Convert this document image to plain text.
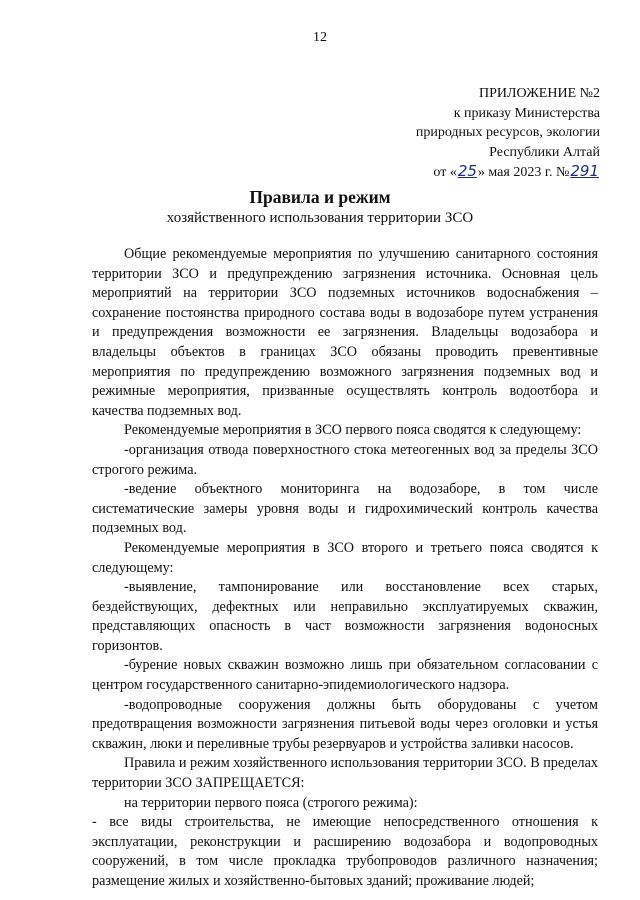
12
ПРИЛОЖЕНИЕ №2
к приказу Министерства
природных ресурсов, экологии
Республики Алтай
от «25» мая 2023 г. №291
Правила и режим
хозяйственного использования территории ЗСО

Общие рекомендуемые мероприятия по улучшению санитарного состояния территории ЗСО и предупреждению загрязнения источника. Основная цель мероприятий на территории ЗСО подземных источников водоснабжения – сохранение постоянства природного состава воды в водозаборе путем устранения и предупреждения возможности ее загрязнения. Владельцы водозабора и владельцы объектов в границах ЗСО обязаны проводить превентивные мероприятия по предупреждению возможного загрязнения подземных вод и режимные мероприятия, призванные осуществлять контроль водоотбора и качества подземных вод.

Рекомендуемые мероприятия в ЗСО первого пояса сводятся к следующему:

-организация отвода поверхностного стока метеогенных вод за пределы ЗСО строгого режима.

-ведение объектного мониторинга на водозаборе, в том числе систематические замеры уровня воды и гидрохимический контроль качества подземных вод.

Рекомендуемые мероприятия в ЗСО второго и третьего пояса сводятся к следующему:

-выявление, тампонирование или восстановление всех старых, бездействующих, дефектных или неправильно эксплуатируемых скважин, представляющих опасность в част возможности загрязнения водоносных горизонтов.

-бурение новых скважин возможно лишь при обязательном согласовании с центром государственного санитарно-эпидемиологического надзора.

-водопроводные сооружения должны быть оборудованы с учетом предотвращения возможности загрязнения питьевой воды через оголовки и устья скважин, люки и переливные трубы резервуаров и устройства заливки насосов.

Правила и режим хозяйственного использования территории ЗСО. В пределах территории ЗСО ЗАПРЕЩАЕТСЯ:

на территории первого пояса (строгого режима):

- все виды строительства, не имеющие непосредственного отношения к эксплуатации, реконструкции и расширению водозабора и водопроводных сооружений, в том числе прокладка трубопроводов различного назначения; размещение жилых и хозяйственно-бытовых зданий; проживание людей;
